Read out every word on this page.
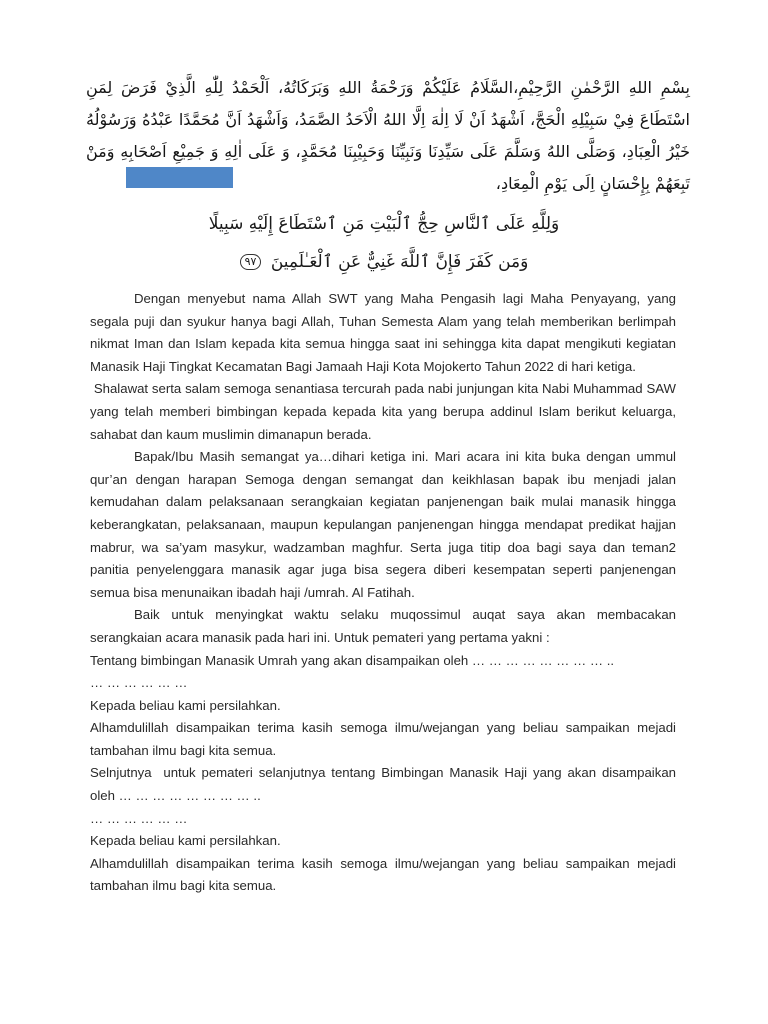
بِسْمِ اللهِ الرَّحْمٰنِ الرَّحِيْمِ،السَّلَامُ عَلَيْكُمْ وَرَحْمَةُ اللهِ وَبَرَكَاتُهُ، اَلْحَمْدُ لِلّٰهِ الَّذِيْ فَرَضَ لِمَنِ اسْتَطَاعَ فِيْ سَبِيْلِهِ الْحَجَّ، اَشْهَدُ اَنْ لَا اِلٰهَ اِلَّا اللهُ الْاَحَدُ الصَّمَدُ، وَاَشْهَدُ اَنَّ مُحَمَّدًا عَبْدُهُ وَرَسُوْلُهُ خَيْرُ الْعِبَادِ، وَصَلَّى اللهُ وَسَلَّمَ عَلَى سَيِّدِنَا وَنَبِيِّنَا وَحَبِيْبِنَا مُحَمَّدٍ، وَ عَلَى اٰلِهِ وَ جَمِيْعِ اَصْحَابِهِ وَمَنْ تَبِعَهُمْ بِإِحْسَانٍ اِلَى يَوْمِ الْمِعَادِ،

وَلِلَّهِ عَلَى ٱلنَّاسِ حِجُّ ٱلْبَيْتِ مَنِ ٱسْتَطَاعَ إِلَيْهِ سَبِيلًا

وَمَن كَفَرَ فَإِنَّ ٱللَّهَ غَنِيٌّ عَنِ ٱلْعَـٰلَمِينَ ٩٧

Dengan menyebut nama Allah SWT yang Maha Pengasih lagi Maha Penyayang, yang segala puji dan syukur hanya bagi Allah, Tuhan Semesta Alam yang telah memberikan berlimpah nikmat Iman dan Islam kepada kita semua hingga saat ini sehingga kita dapat mengikuti kegiatan Manasik Haji Tingkat Kecamatan Bagi Jamaah Haji Kota Mojokerto Tahun 2022 di hari ketiga.

Shalawat serta salam semoga senantiasa tercurah pada nabi junjungan kita Nabi Muhammad SAW yang telah memberi bimbingan kepada kepada kita yang berupa addinul Islam berikut keluarga, sahabat dan kaum muslimin dimanapun berada.

Bapak/Ibu Masih semangat ya…dihari ketiga ini. Mari acara ini kita buka dengan ummul qur’an dengan harapan Semoga dengan semangat dan keikhlasan bapak ibu menjadi jalan kemudahan dalam pelaksanaan serangkaian kegiatan panjenengan baik mulai manasik hingga keberangkatan, pelaksanaan, maupun kepulangan panjenengan hingga mendapat predikat hajjan mabrur, wa sa’yam masykur, wadzamban maghfur. Serta juga titip doa bagi saya dan teman2 panitia penyelenggara manasik agar juga bisa segera diberi kesempatan seperti panjenengan semua bisa menunaikan ibadah haji /umrah. Al Fatihah.

Baik untuk menyingkat waktu selaku muqossimul auqat saya akan membacakan serangkaian acara manasik pada hari ini. Untuk pemateri yang pertama yakni :

Tentang bimbingan Manasik Umrah yang akan disampaikan oleh … … … … … … … … ..

… … … … … …

Kepada beliau kami persilahkan.

Alhamdulillah disampaikan terima kasih semoga ilmu/wejangan yang beliau sampaikan mejadi tambahan ilmu bagi kita semua.

Selnjutnya  untuk pemateri selanjutnya tentang Bimbingan Manasik Haji yang akan disampaikan oleh … … … … … … … … ..

… … … … … …

Kepada beliau kami persilahkan.

Alhamdulillah disampaikan terima kasih semoga ilmu/wejangan yang beliau sampaikan mejadi tambahan ilmu bagi kita semua.
